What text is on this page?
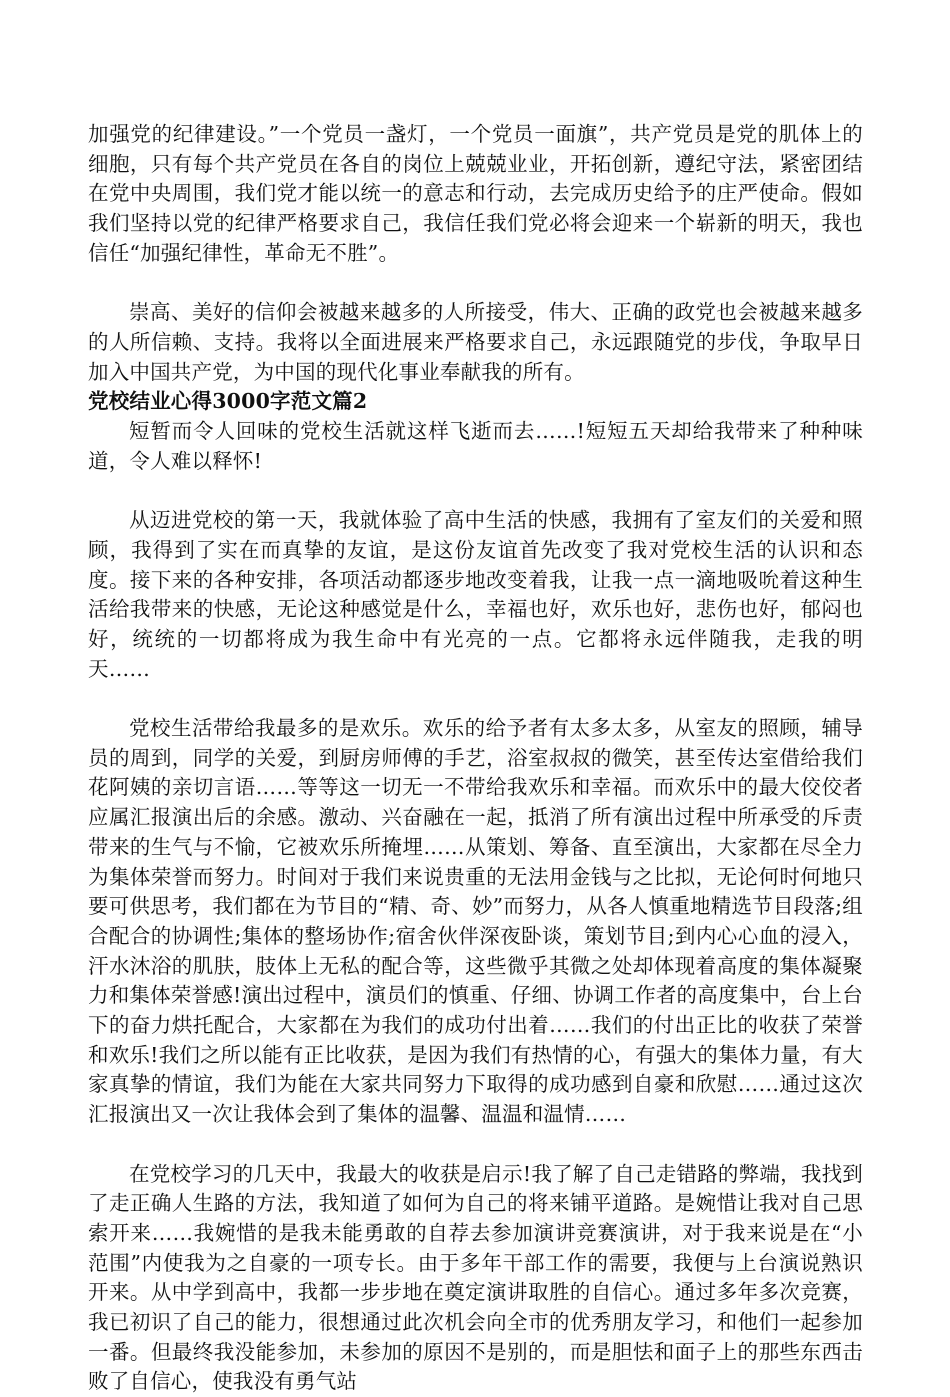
加强党的纪律建设。”一个党员一盏灯，一个党员一面旗”，共产党员是党的肌体上的细胞，只有每个共产党员在各自的岗位上兢兢业业，开拓创新，遵纪守法，紧密团结在党中央周围，我们党才能以统一的意志和行动，去完成历史给予的庄严使命。假如我们坚持以党的纪律严格要求自己，我信任我们党必将会迎来一个崭新的明天，我也信任“加强纪律性，革命无不胜”。

崇高、美好的信仰会被越来越多的人所接受，伟大、正确的政党也会被越来越多的人所信赖、支持。我将以全面进展来严格要求自己，永远跟随党的步伐，争取早日加入中国共产党，为中国的现代化事业奉献我的所有。

党校结业心得3000字范文篇2

短暂而令人回味的党校生活就这样飞逝而去……!短短五天却给我带来了种种味道，令人难以释怀!

从迈进党校的第一天，我就体验了高中生活的快感，我拥有了室友们的关爱和照顾，我得到了实在而真挚的友谊，是这份友谊首先改变了我对党校生活的认识和态度。接下来的各种安排，各项活动都逐步地改变着我，让我一点一滴地吸吮着这种生活给我带来的快感，无论这种感觉是什么，幸福也好，欢乐也好，悲伤也好，郁闷也好，统统的一切都将成为我生命中有光亮的一点。它都将永远伴随我，走我的明天……

党校生活带给我最多的是欢乐。欢乐的给予者有太多太多，从室友的照顾，辅导员的周到，同学的关爱，到厨房师傅的手艺，浴室叔叔的微笑，甚至传达室借给我们花阿姨的亲切言语……等等这一切无一不带给我欢乐和幸福。而欢乐中的最大佼佼者应属汇报演出后的余感。激动、兴奋融在一起，抵消了所有演出过程中所承受的斥责带来的生气与不愉，它被欢乐所掩埋……从策划、筹备、直至演出，大家都在尽全力为集体荣誉而努力。时间对于我们来说贵重的无法用金钱与之比拟，无论何时何地只要可供思考，我们都在为节目的“精、奇、妙”而努力，从各人慎重地精选节目段落;组合配合的协调性;集体的整场协作;宿舍伙伴深夜卧谈，策划节目;到内心心血的浸入，汗水沐浴的肌肤，肢体上无私的配合等，这些微乎其微之处却体现着高度的集体凝聚力和集体荣誉感!演出过程中，演员们的慎重、仔细、协调工作者的高度集中，台上台下的奋力烘托配合，大家都在为我们的成功付出着……我们的付出正比的收获了荣誉和欢乐!我们之所以能有正比收获，是因为我们有热情的心，有强大的集体力量，有大家真挚的情谊，我们为能在大家共同努力下取得的成功感到自豪和欣慰……通过这次汇报演出又一次让我体会到了集体的温馨、温温和温情……

在党校学习的几天中，我最大的收获是启示!我了解了自己走错路的弊端，我找到了走正确人生路的方法，我知道了如何为自己的将来铺平道路。是婉惜让我对自己思索开来……我婉惜的是我未能勇敢的自荐去参加演讲竞赛演讲，对于我来说是在“小范围”内使我为之自豪的一项专长。由于多年干部工作的需要，我便与上台演说熟识开来。从中学到高中，我都一步步地在奠定演讲取胜的自信心。通过多年多次竞赛，我已初识了自己的能力，很想通过此次机会向全市的优秀朋友学习，和他们一起参加一番。但最终我没能参加，未参加的原因不是别的，而是胆怯和面子上的那些东西击败了自信心，使我没有勇气站
